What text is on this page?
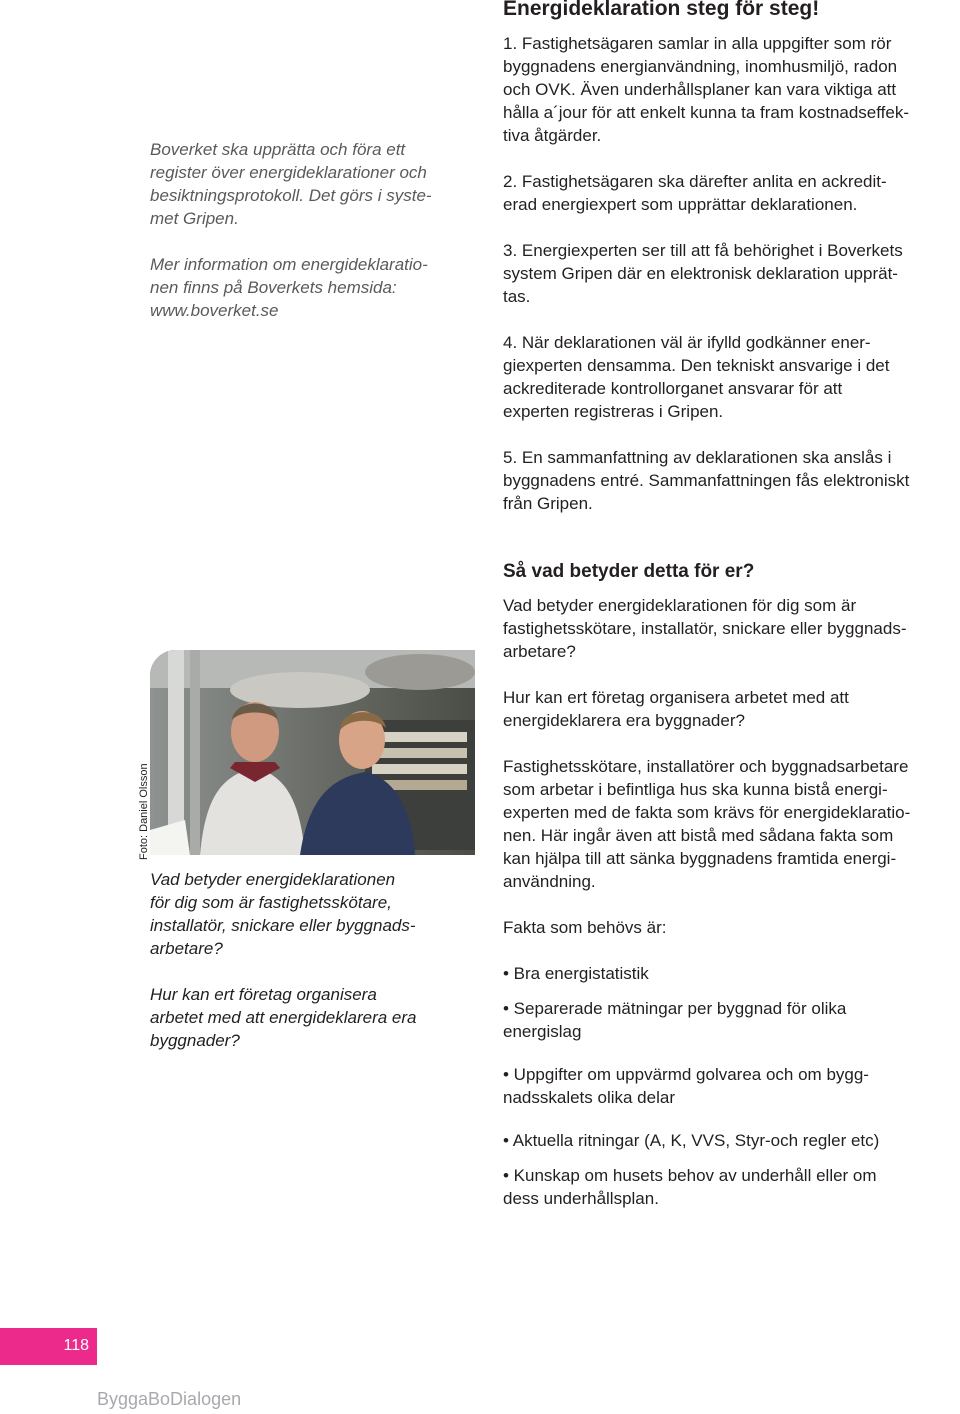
Boverket ska upprätta och föra ett
register över energideklarationer och
besiktningsprotokoll. Det görs i syste-
met Gripen.

Mer information om energideklaratio-
nen finns på Boverkets hemsida:
www.boverket.se

Energideklaration steg för steg!

1. Fastighetsägaren samlar in alla uppgifter som rör
byggnadens energianvändning, inomhusmiljö, radon
och OVK. Även underhållsplaner kan vara viktiga att
hålla a´jour för att enkelt kunna ta fram kostnadseffek-
tiva åtgärder.

2. Fastighetsägaren ska därefter anlita en ackredit-
erad energiexpert som upprättar deklarationen.

3. Energiexperten ser till att få behörighet i Boverkets
system Gripen där en elektronisk deklaration upprät-
tas.

4. När deklarationen väl är ifylld godkänner ener-
giexperten densamma. Den tekniskt ansvarige i det
ackrediterade kontrollorganet ansvarar för att
experten registreras i Gripen.

5. En sammanfattning av deklarationen ska anslås i
byggnadens entré. Sammanfattningen fås elektroniskt
från Gripen.

Så vad betyder detta för er?

Vad betyder energideklarationen för dig som är
fastighetsskötare, installatör, snickare eller byggnads-
arbetare?

Hur kan ert företag organisera arbetet med att
energideklarera era byggnader?

Fastighetsskötare, installatörer och byggnadsarbetare
som arbetar i befintliga hus ska kunna bistå energi-
experten med de fakta som krävs för energideklaratio-
nen. Här ingår även att bistå med sådana fakta som
kan hjälpa till att sänka byggnadens framtida energi-
användning.

Fakta som behövs är:

• Bra energistatistik
• Separerade mätningar per byggnad för olika
energislag
• Uppgifter om uppvärmd golvarea och om bygg-
nadsskalets olika delar
• Aktuella ritningar (A, K, VVS, Styr-och regler etc)
• Kunskap om husets behov av underhåll eller om
dess underhållsplan.
Foto: Daniel Olsson

Vad betyder energideklarationen
för dig som är fastighetsskötare,
installatör, snickare eller byggnads-
arbetare?

Hur kan ert företag organisera
arbetet med att energideklarera era
byggnader?

118
ByggaBoDialogen
